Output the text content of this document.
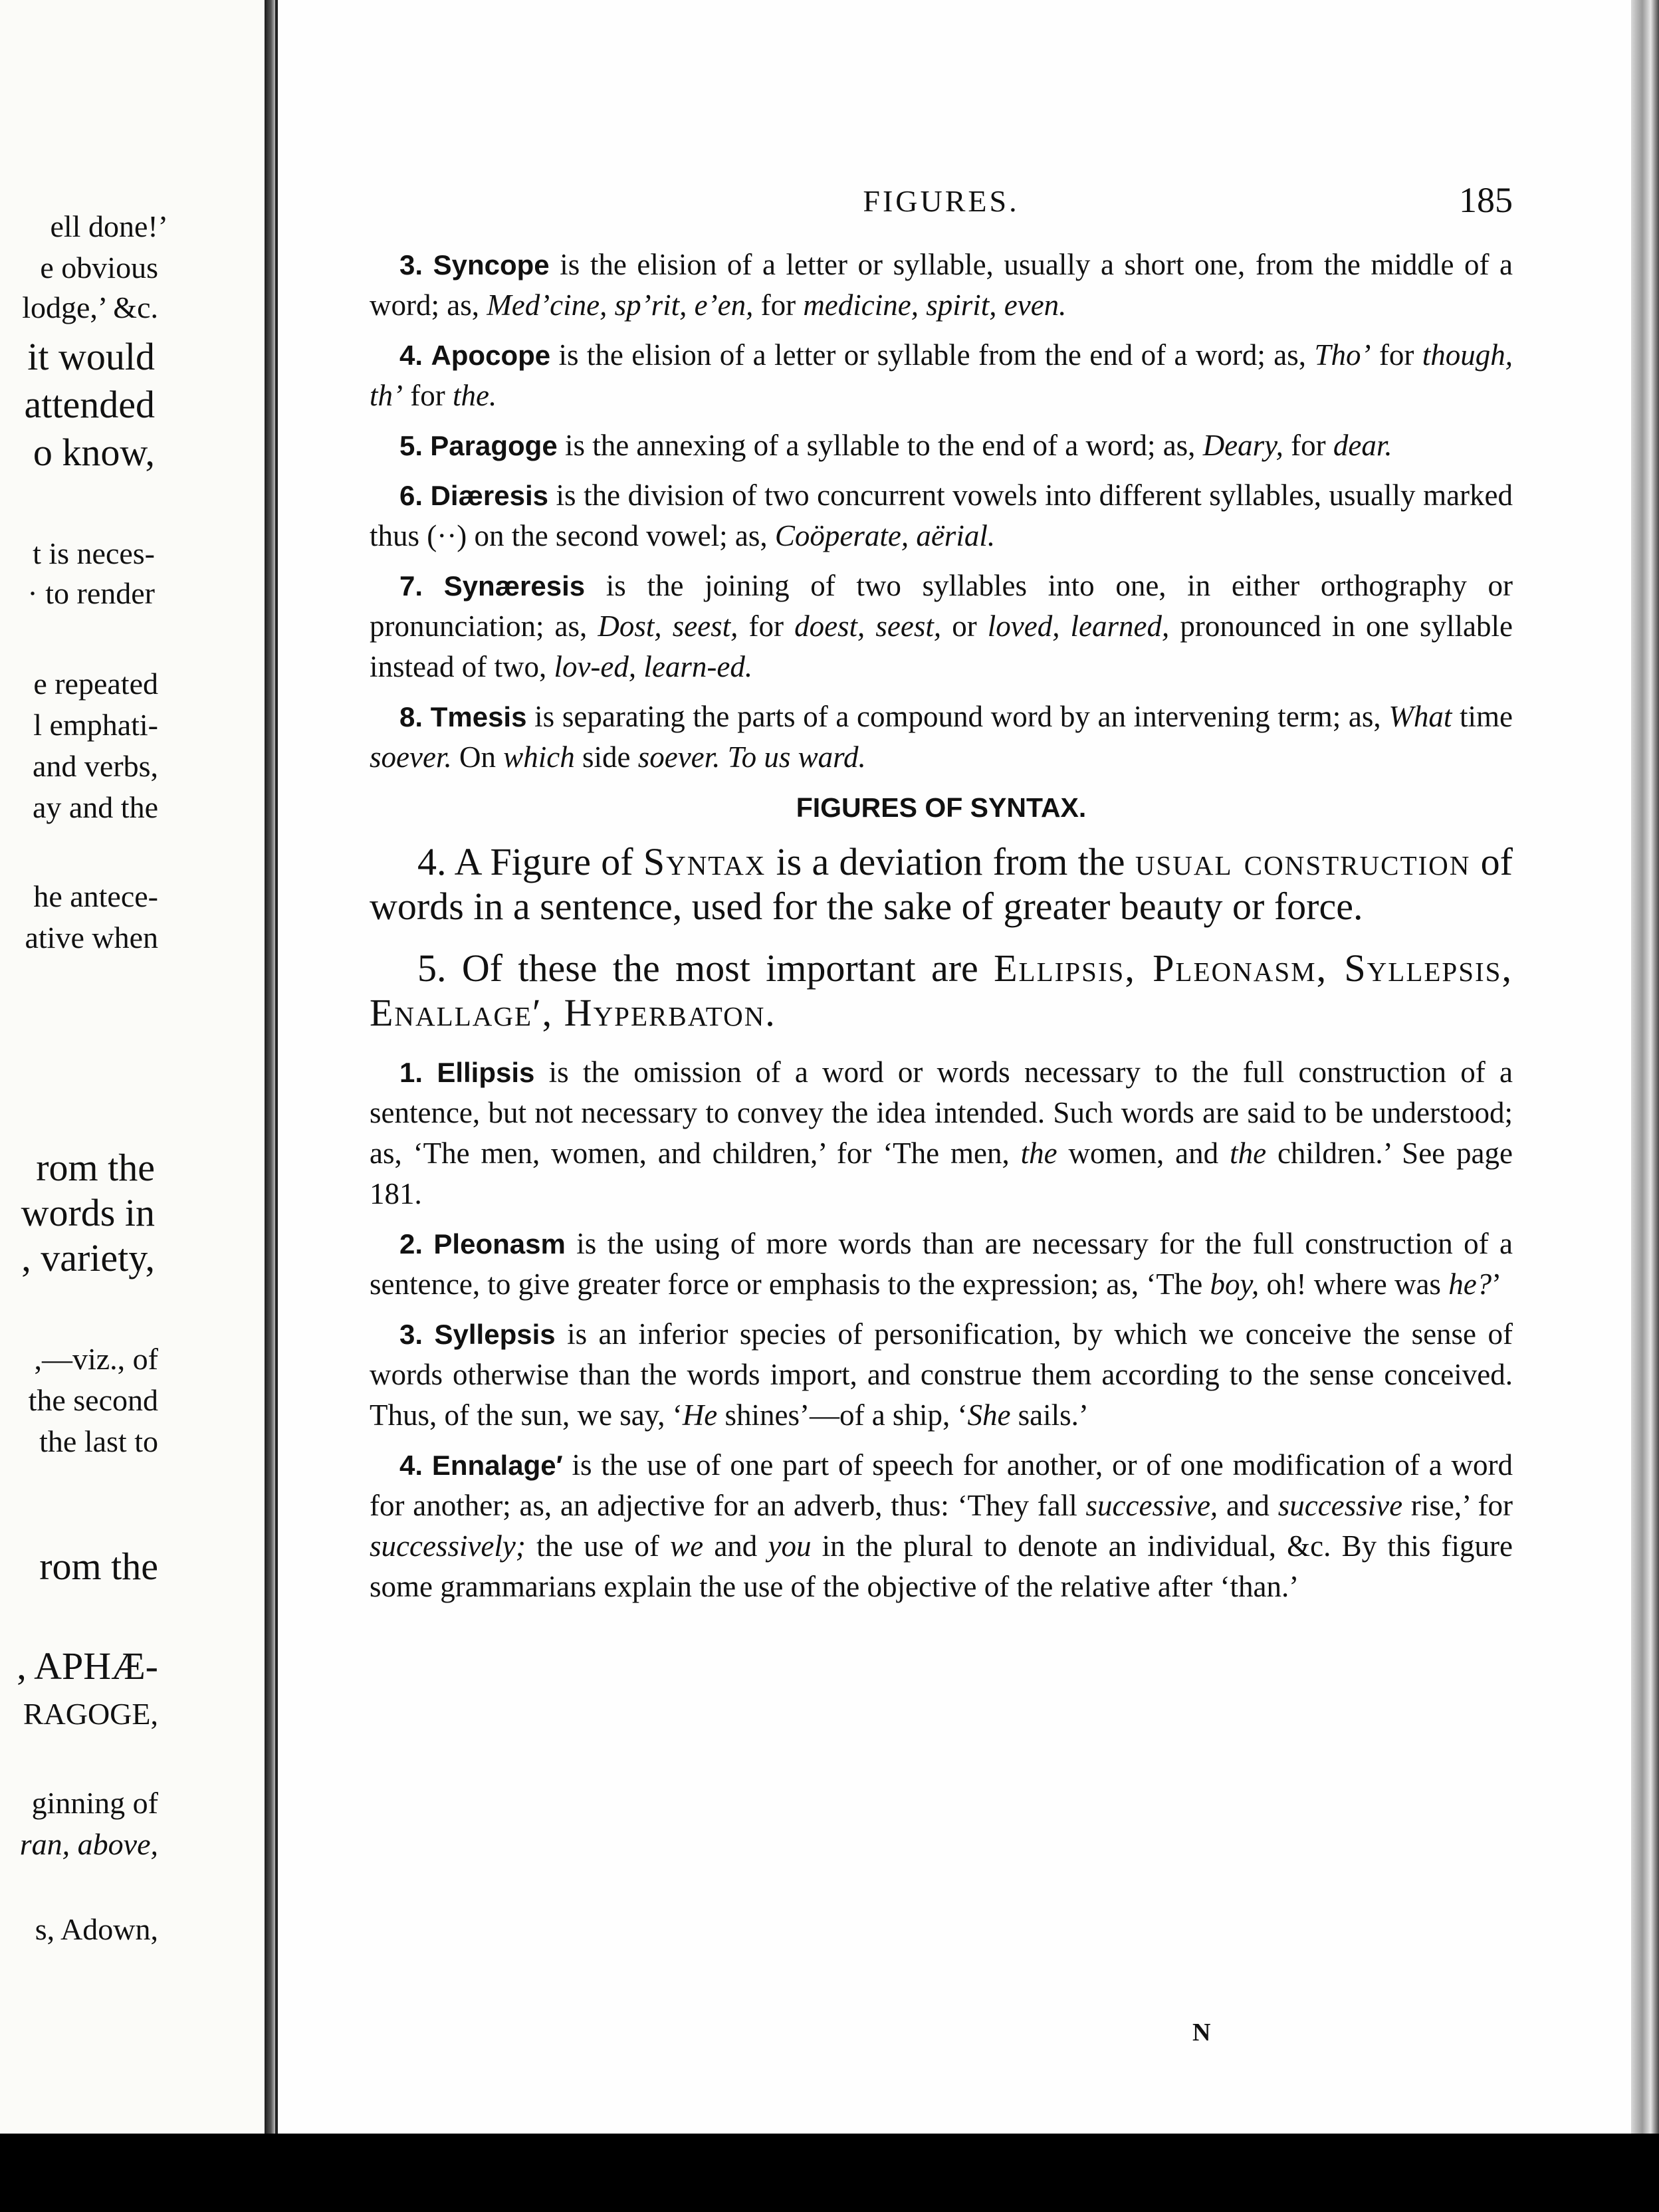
ell done!’
e obvious
lodge,’ &c.
it would
attended
o know,
t is neces-
· to render
e repeated
l emphati-
and verbs,
ay and the
he antece-
ative when
rom the
words in
, variety,
,—viz., of
the second
the last to
rom the
, APHÆ-
RAGOGE,
ginning of
ran, above,
s, Adown,
FIGURES.	185

3. Syncope is the elision of a letter or syllable, usually a short one, from the middle of a word; as, Med’cine, sp’rit, e’en, for medicine, spirit, even.

4. Apocope is the elision of a letter or syllable from the end of a word; as, Tho’ for though, th’ for the.

5. Paragoge is the annexing of a syllable to the end of a word; as, Deary, for dear.

6. Diæresis is the division of two concurrent vowels into different syllables, usually marked thus (··) on the second vowel; as, Coöperate, aërial.

7. Synæresis is the joining of two syllables into one, in either orthography or pronunciation; as, Dost, seest, for doest, seest, or loved, learned, pronounced in one syllable instead of two, lov-ed, learn-ed.

8. Tmesis is separating the parts of a compound word by an intervening term; as, What time soever. On which side soever. To us ward.

FIGURES OF SYNTAX.

4. A Figure of Syntax is a deviation from the usual construction of words in a sentence, used for the sake of greater beauty or force.

5. Of these the most important are Ellipsis, Pleonasm, Syllepsis, Enallage′, Hyperbaton.

1. Ellipsis is the omission of a word or words necessary to the full construction of a sentence, but not necessary to convey the idea intended. Such words are said to be understood; as, ‘The men, women, and children,’ for ‘The men, the women, and the children.’ See page 181.

2. Pleonasm is the using of more words than are necessary for the full construction of a sentence, to give greater force or emphasis to the expression; as, ‘The boy, oh! where was he?’

3. Syllepsis is an inferior species of personification, by which we conceive the sense of words otherwise than the words import, and construe them according to the sense conceived. Thus, of the sun, we say, ‘He shines’—of a ship, ‘She sails.’

4. Ennalage′ is the use of one part of speech for another, or of one modification of a word for another; as, an adjective for an adverb, thus: ‘They fall successive, and successive rise,’ for successively; the use of we and you in the plural to denote an individual, &c. By this figure some grammarians explain the use of the objective of the relative after ‘than.’

N
